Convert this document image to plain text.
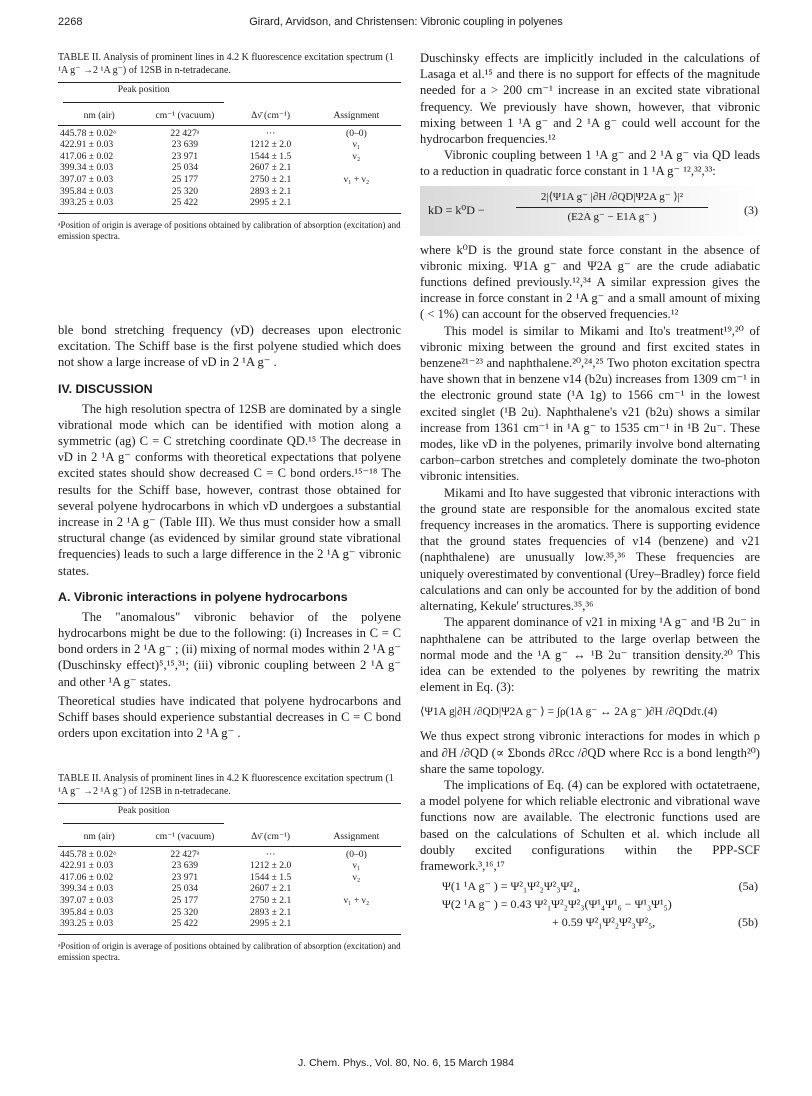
2268	Girard, Arvidson, and Christensen: Vibronic coupling in polyenes
TABLE II. Analysis of prominent lines in 4.2 K fluorescence excitation spectrum (1 ¹A g⁻ →2 ¹A g⁻) of 12SB in n-tetradecane.
Peak position			

nm (air)	cm⁻¹ (vacuum)	Δν̄ (cm⁻¹)	Assignment

445.78 ± 0.02ᵃ	22 427ᵃ	···	(0–0)
422.91 ± 0.03	23 639	1212 ± 2.0	ν₁
417.06 ± 0.02	23 971	1544 ± 1.5	ν₂
399.34 ± 0.03	25 034	2607 ± 2.1	
397.07 ± 0.03	25 177	2750 ± 2.1	ν₁ + ν₂
395.84 ± 0.03	25 320	2893 ± 2.1	
393.25 ± 0.03	25 422	2995 ± 2.1	

ᵃPosition of origin is average of positions obtained by calibration of absorption (excitation) and emission spectra.

ble bond stretching frequency (νD) decreases upon electronic excitation. The Schiff base is the first polyene studied which does not show a large increase of νD in 2 ¹A g⁻ .

IV. DISCUSSION

The high resolution spectra of 12SB are dominated by a single vibrational mode which can be identified with motion along a symmetric (ag) C = C stretching coordinate QD.¹⁵ The decrease in νD in 2 ¹A g⁻ conforms with theoretical expectations that polyene excited states should show decreased C = C bond orders.¹⁵⁻¹⁸ The results for the Schiff base, however, contrast those obtained for several polyene hydrocarbons in which νD undergoes a substantial increase in 2 ¹A g⁻ (Table III). We thus must consider how a small structural change (as evidenced by similar ground state vibrational frequencies) leads to such a large difference in the 2 ¹A g⁻ vibronic states.

A. Vibronic interactions in polyene hydrocarbons

The "anomalous" vibronic behavior of the polyene hydrocarbons might be due to the following: (i) Increases in C = C bond orders in 2 ¹A g⁻ ; (ii) mixing of normal modes within 2 ¹A g⁻ (Duschinsky effect)⁵,¹⁵,³¹; (iii) vibronic coupling between 2 ¹A g⁻ and other ¹A g⁻ states.

Theoretical studies have indicated that polyene hydrocarbons and Schiff bases should experience substantial decreases in C = C bond orders upon excitation into 2 ¹A g⁻ .

TABLE II. Analysis of prominent lines in 4.2 K fluorescence excitation spectrum (1 ¹A g⁻ →2 ¹A g⁻) of 12SB in n-tetradecane.
Peak position			

nm (air)	cm⁻¹ (vacuum)	Δν̄ (cm⁻¹)	Assignment

445.78 ± 0.02ᵃ	22 427ᵃ	···	(0–0)
422.91 ± 0.03	23 639	1212 ± 2.0	ν₁
417.06 ± 0.02	23 971	1544 ± 1.5	ν₂
399.34 ± 0.03	25 034	2607 ± 2.1	
397.07 ± 0.03	25 177	2750 ± 2.1	ν₁ + ν₂
395.84 ± 0.03	25 320	2893 ± 2.1	
393.25 ± 0.03	25 422	2995 ± 2.1	

ᵃPosition of origin is average of positions obtained by calibration of absorption (excitation) and emission spectra.

Duschinsky effects are implicitly included in the calculations of Lasaga et al.¹⁵ and there is no support for effects of the magnitude needed for a > 200 cm⁻¹ increase in an excited state vibrational frequency. We previously have shown, however, that vibronic mixing between 1 ¹A g⁻ and 2 ¹A g⁻ could well account for the hydrocarbon frequencies.¹²

Vibronic coupling between 1 ¹A g⁻ and 2 ¹A g⁻ via QD leads to a reduction in quadratic force constant in 1 ¹A g⁻ ¹²,³²,³³:

kD = k⁰D −
2|⟨Ψ1A g⁻ |∂H /∂QD|Ψ2A g⁻ ⟩|²
(E2A g⁻ − E1A g⁻ )	(3)

where k⁰D is the ground state force constant in the absence of vibronic mixing. Ψ1A g⁻ and Ψ2A g⁻ are the crude adiabatic functions defined previously.¹²,³⁴ A similar expression gives the increase in force constant in 2 ¹A g⁻ and a small amount of mixing ( < 1%) can account for the observed frequencies.¹²

This model is similar to Mikami and Ito's treatment¹⁹,²⁰ of vibronic mixing between the ground and first excited states in benzene²¹⁻²³ and naphthalene.²⁰,²⁴,²⁵ Two photon excitation spectra have shown that in benzene ν14 (b2u) increases from 1309 cm⁻¹ in the electronic ground state (¹A 1g) to 1566 cm⁻¹ in the lowest excited singlet (¹B 2u). Naphthalene's ν21 (b2u) shows a similar increase from 1361 cm⁻¹ in ¹A g⁻ to 1535 cm⁻¹ in ¹B 2u⁻. These modes, like νD in the polyenes, primarily involve bond alternating carbon–carbon stretches and completely dominate the two-photon vibronic intensities.

Mikami and Ito have suggested that vibronic interactions with the ground state are responsible for the anomalous excited state frequency increases in the aromatics. There is supporting evidence that the ground states frequencies of ν14 (benzene) and ν21 (naphthalene) are unusually low.³⁵,³⁶ These frequencies are uniquely overestimated by conventional (Urey–Bradley) force field calculations and can only be accounted for by the addition of bond alternating, Kekule' structures.³⁵,³⁶

The apparent dominance of ν21 in mixing ¹A g⁻ and ¹B 2u⁻ in naphthalene can be attributed to the large overlap between the normal mode and the ¹A g⁻ ↔ ¹B 2u⁻ transition density.²⁰ This idea can be extended to the polyenes by rewriting the matrix element in Eq. (3):

⟨Ψ1A g|∂H /∂QD|Ψ2A g⁻ ⟩ = ∫ρ(1A g⁻ ↔ 2A g⁻ )∂H /∂QDdτ.(4)

We thus expect strong vibronic interactions for modes in which ρ and ∂H /∂QD (∝ Σbonds ∂Rcc /∂QD where Rcc is a bond length²⁰) share the same topology.

The implications of Eq. (4) can be explored with octatetraene, a model polyene for which reliable electronic and vibrational wave functions now are available. The electronic functions used are based on the calculations of Schulten et al. which include all doubly excited configurations within the PPP-SCF framework.³,¹⁶,¹⁷

Ψ(1 ¹A g⁻ ) = Ψ²₁Ψ²₂Ψ²₃Ψ²₄,	(5a)
Ψ(2 ¹A g⁻ ) = 0.43 Ψ²₁Ψ²₂Ψ²₃(Ψ¹₄Ψ¹₆ − Ψ¹₃Ψ¹₅)
+ 0.59 Ψ²₁Ψ²₂Ψ²₃Ψ²₅,	(5b)
J. Chem. Phys., Vol. 80, No. 6, 15 March 1984
